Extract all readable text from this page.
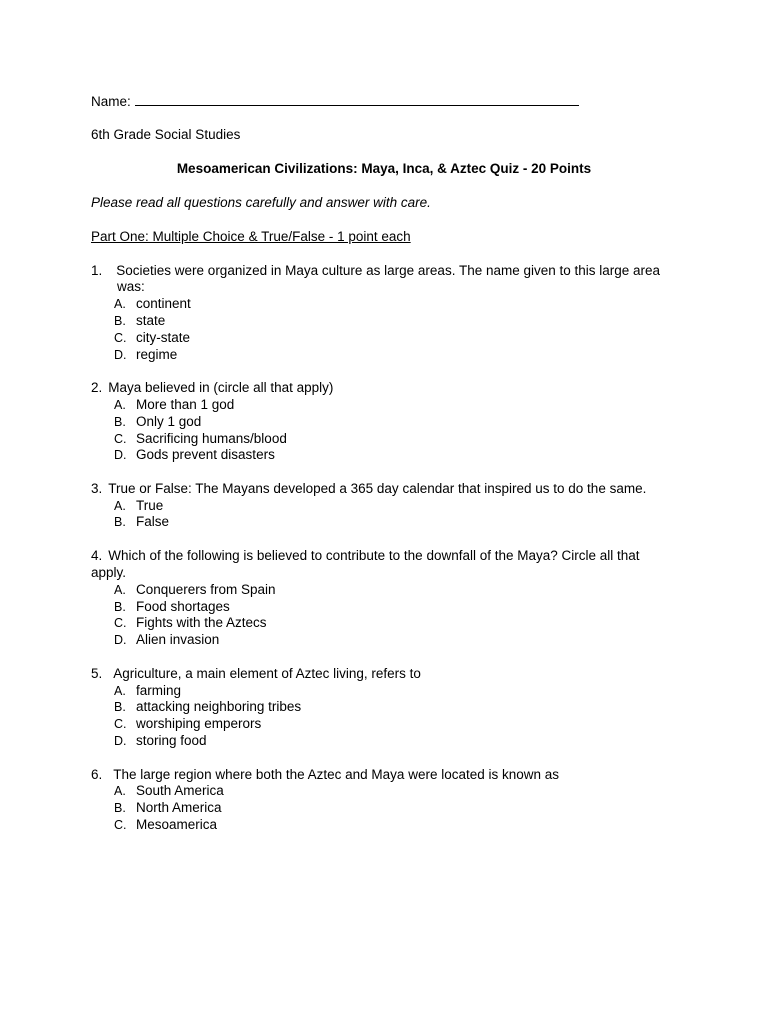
Name:
6th Grade Social Studies
Mesoamerican Civilizations: Maya, Inca, & Aztec Quiz - 20 Points
Please read all questions carefully and answer with care.
Part One: Multiple Choice & True/False - 1 point each
1. Societies were organized in Maya culture as large areas. The name given to this large area
was:
A. continent
B. state
C. city-state
D. regime
2. Maya believed in (circle all that apply)
A. More than 1 god
B. Only 1 god
C. Sacrificing humans/blood
D. Gods prevent disasters
3. True or False: The Mayans developed a 365 day calendar that inspired us to do the same.
A. True
B. False
4. Which of the following is believed to contribute to the downfall of the Maya? Circle all that
apply.
A. Conquerers from Spain
B. Food shortages
C. Fights with the Aztecs
D. Alien invasion
5. Agriculture, a main element of Aztec living, refers to
A. farming
B. attacking neighboring tribes
C. worshiping emperors
D. storing food
6. The large region where both the Aztec and Maya were located is known as
A. South America
B. North America
C. Mesoamerica
